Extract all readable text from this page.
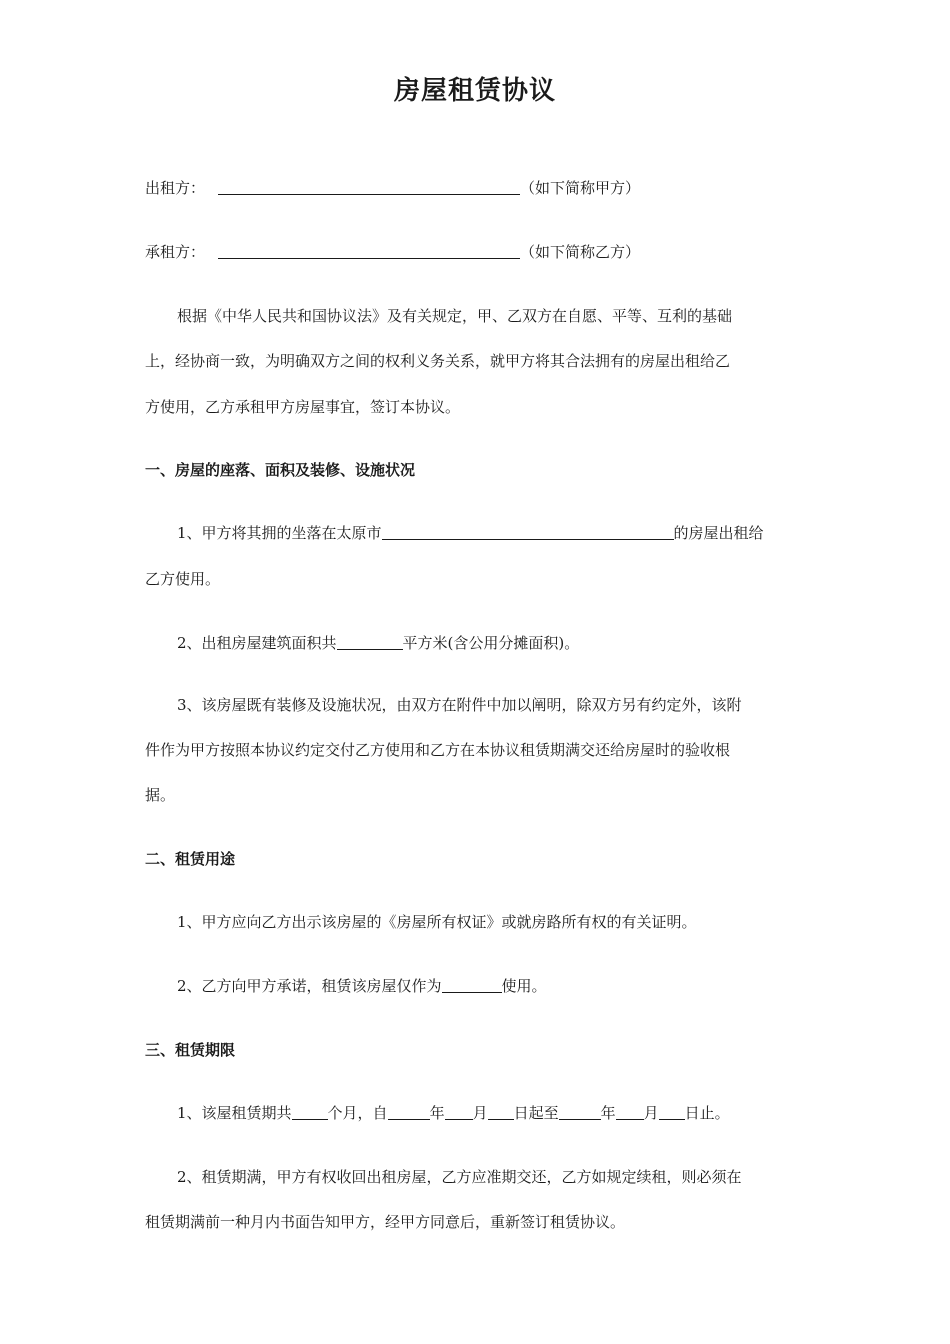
房屋租赁协议
出租方：	（如下简称甲方）
承租方：	（如下简称乙方）
根据《中华人民共和国协议法》及有关规定，甲、乙双方在自愿、平等、互利的基础
上，经协商一致，为明确双方之间的权利义务关系，就甲方将其合法拥有的房屋出租给乙
方使用，乙方承租甲方房屋事宜，签订本协议。
一、房屋的座落、面积及装修、设施状况
1、甲方将其拥的坐落在太原市	的房屋出租给
乙方使用。
2、出租房屋建筑面积共	平方米(含公用分摊面积)。
3、该房屋既有装修及设施状况，由双方在附件中加以阐明，除双方另有约定外，该附
件作为甲方按照本协议约定交付乙方使用和乙方在本协议租赁期满交还给房屋时的验收根
据。
二、租赁用途
1、甲方应向乙方出示该房屋的《房屋所有权证》或就房路所有权的有关证明。
2、乙方向甲方承诺，租赁该房屋仅作为	使用。
三、租赁期限
1、该屋租赁期共 个月，自	年 月 日起至	年 月 日止。
2、租赁期满，甲方有权收回出租房屋，乙方应准期交还，乙方如规定续租，则必须在
租赁期满前一种月内书面告知甲方，经甲方同意后，重新签订租赁协议。
